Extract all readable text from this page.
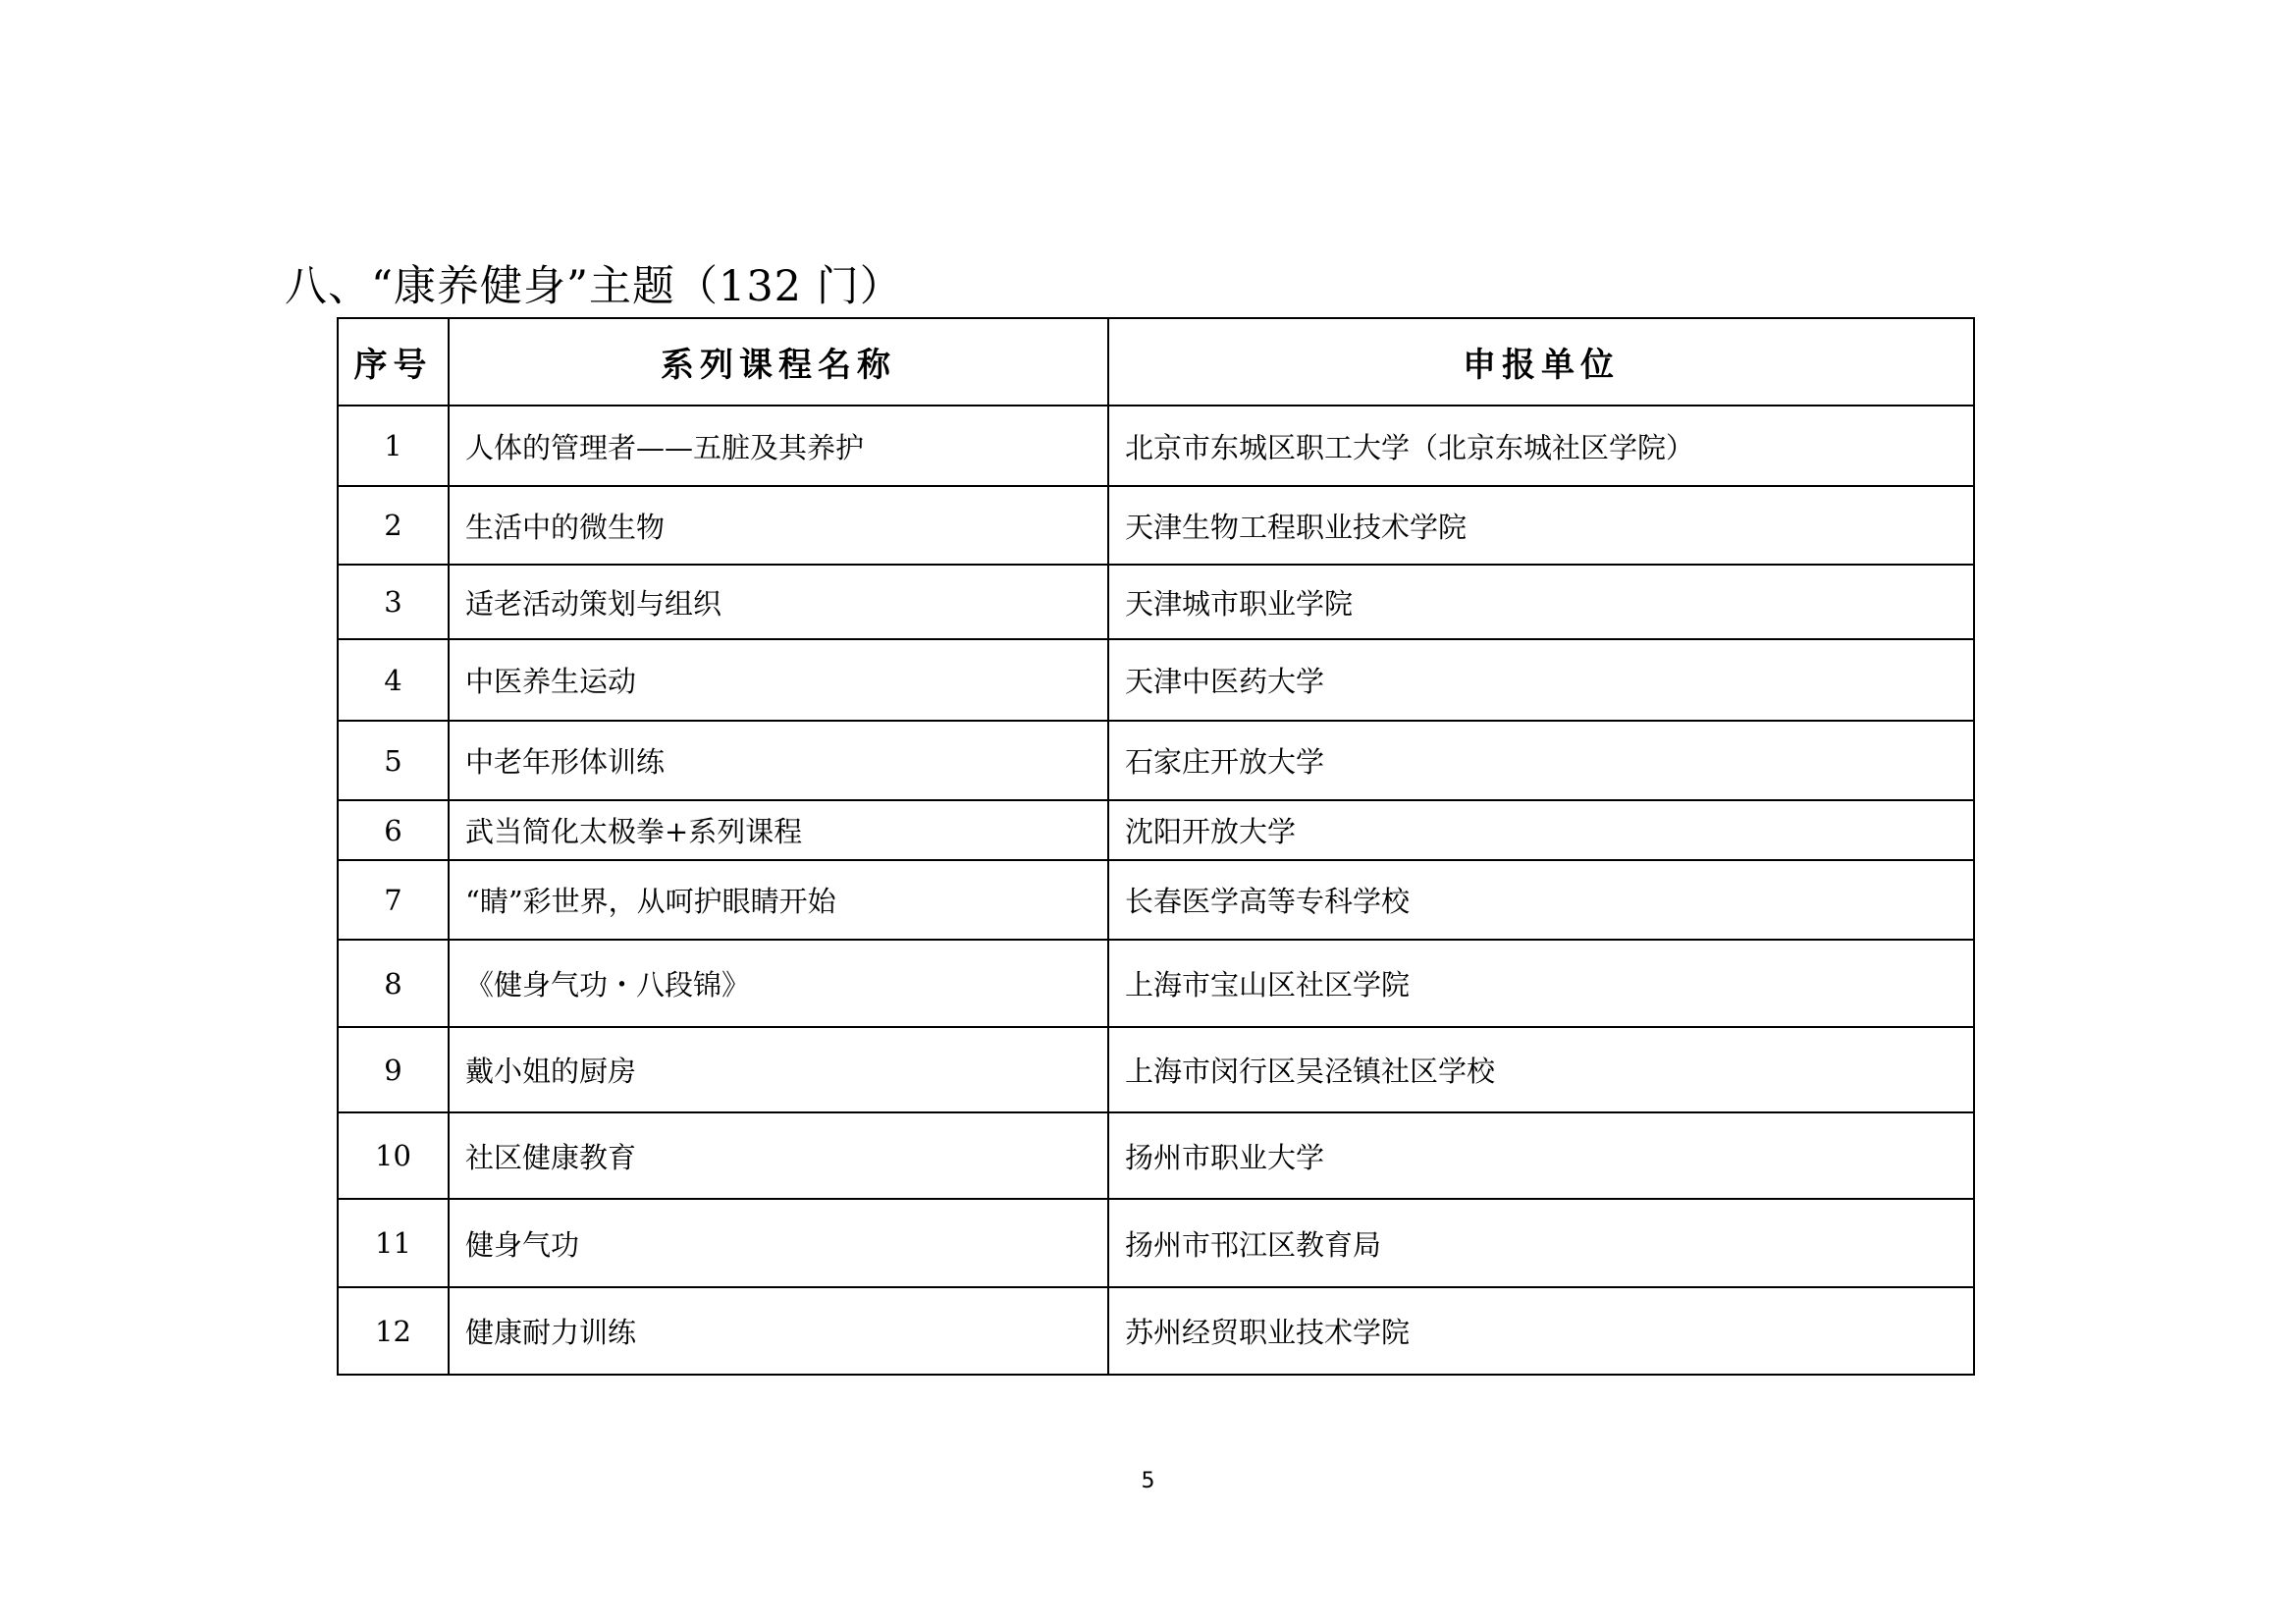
八、“康养健身”主题（132 门）
序号	系列课程名称	申报单位
1	人体的管理者——五脏及其养护	北京市东城区职工大学（北京东城社区学院）
2	生活中的微生物	天津生物工程职业技术学院
3	适老活动策划与组织	天津城市职业学院
4	中医养生运动	天津中医药大学
5	中老年形体训练	石家庄开放大学
6	武当简化太极拳+系列课程	沈阳开放大学
7	“睛”彩世界，从呵护眼睛开始	长春医学高等专科学校
8	《健身气功・八段锦》	上海市宝山区社区学院
9	戴小姐的厨房	上海市闵行区吴泾镇社区学校
10	社区健康教育	扬州市职业大学
11	健身气功	扬州市邗江区教育局
12	健康耐力训练	苏州经贸职业技术学院
5
